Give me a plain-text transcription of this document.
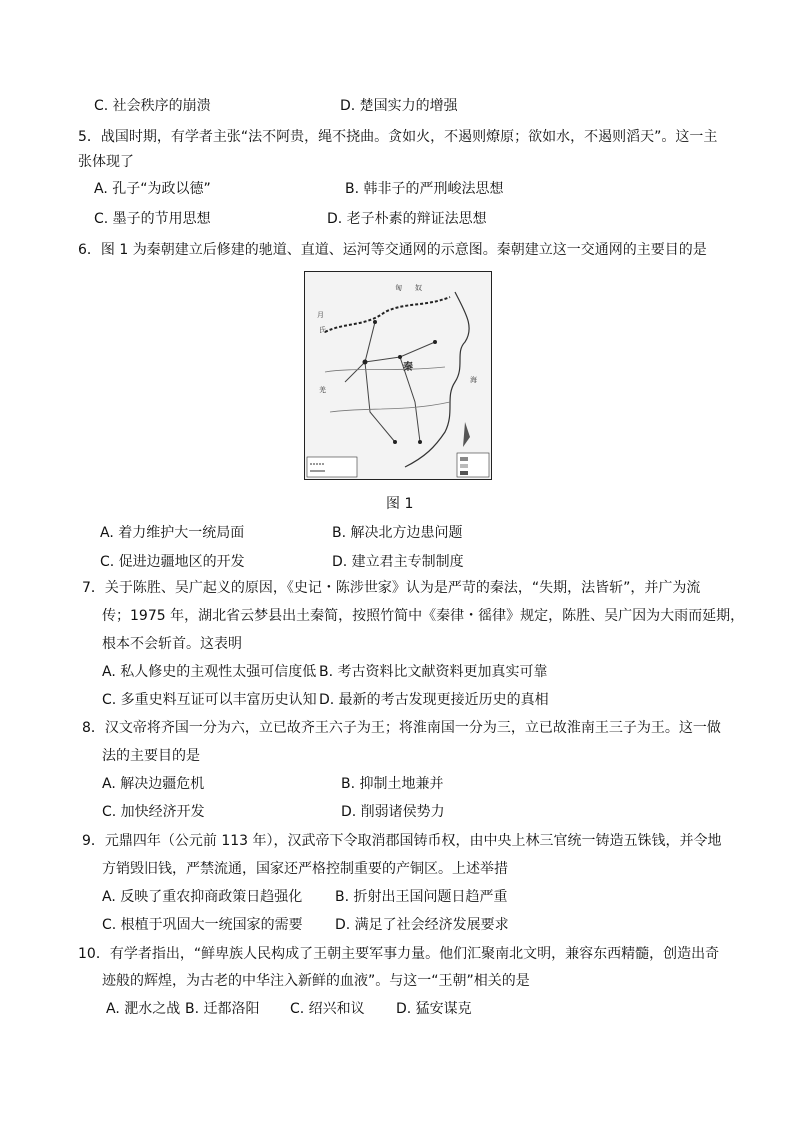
C. 社会秩序的崩溃	D. 楚国实力的增强
5．战国时期，有学者主张“法不阿贵，绳不挠曲。贪如火，不遏则燎原；欲如水，不遏则滔天”。这一主
张体现了
A. 孔子“为政以德”	B. 韩非子的严刑峻法思想
C. 墨子的节用思想	D. 老子朴素的辩证法思想
6．图 1 为秦朝建立后修建的驰道、直道、运河等交通网的示意图。秦朝建立这一交通网的主要目的是
秦
匈 奴
月
氏
羌
海
图 1
A. 着力维护大一统局面	B. 解决北方边患问题
C. 促进边疆地区的开发	D. 建立君主专制制度
7．关于陈胜、吴广起义的原因，《史记・陈涉世家》认为是严苛的秦法，“失期，法皆斩”，并广为流
传；1975 年，湖北省云梦县出土秦简，按照竹简中《秦律・徭律》规定，陈胜、吴广因为大雨而延期，
根本不会斩首。这表明
A. 私人修史的主观性太强可信度低 B. 考古资料比文献资料更加真实可靠
C. 多重史料互证可以丰富历史认知 D. 最新的考古发现更接近历史的真相
8．汉文帝将齐国一分为六，立已故齐王六子为王；将淮南国一分为三，立已故淮南王三子为王。这一做
法的主要目的是
A. 解决边疆危机	B. 抑制土地兼并
C. 加快经济开发	D. 削弱诸侯势力
9．元鼎四年（公元前 113 年），汉武帝下令取消郡国铸币权，由中央上林三官统一铸造五铢钱，并令地
方销毁旧钱，严禁流通，国家还严格控制重要的产铜区。上述举措
A. 反映了重农抑商政策日趋强化 B. 折射出王国问题日趋严重
C. 根植于巩固大一统国家的需要 D. 满足了社会经济发展要求
10．有学者指出，“鲜卑族人民构成了王朝主要军事力量。他们汇聚南北文明，兼容东西精髓，创造出奇
迹般的辉煌，为古老的中华注入新鲜的血液”。与这一“王朝”相关的是
A. 淝水之战 B. 迁都洛阳 C. 绍兴和议 D. 猛安谋克
